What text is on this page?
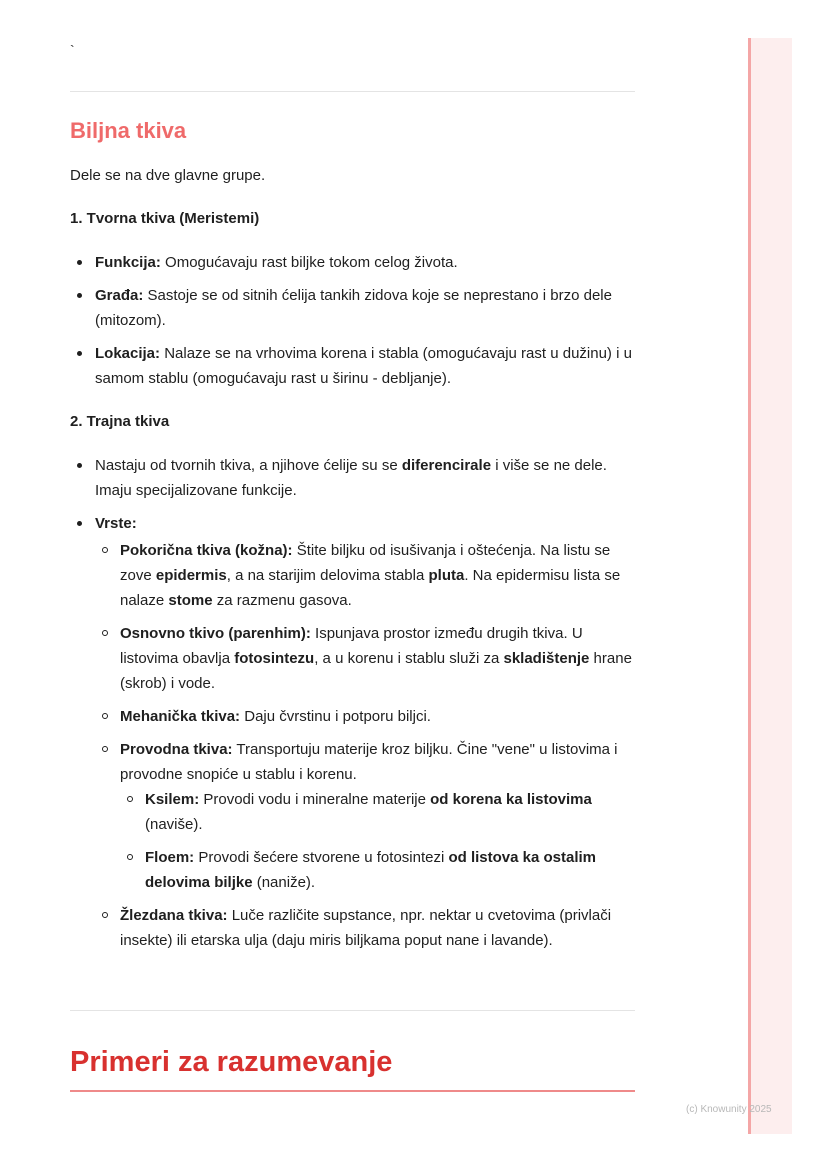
(c) Knowunity 2025
`
Biljna tkiva

Dele se na dve glavne grupe.

1. Tvorna tkiva (Meristemi)

Funkcija: Omogućavaju rast biljke tokom celog života.
Građa: Sastoje se od sitnih ćelija tankih zidova koje se neprestano i brzo dele (mitozom).
Lokacija: Nalaze se na vrhovima korena i stabla (omogućavaju rast u dužinu) i u samom stablu (omogućavaju rast u širinu - debljanje).

2. Trajna tkiva

Nastaju od tvornih tkiva, a njihove ćelije su se diferencirale i više se ne dele. Imaju specijalizovane funkcije.
Vrste:
Pokorična tkiva (kožna): Štite biljku od isušivanja i oštećenja. Na listu se zove epidermis, a na starijim delovima stabla pluta. Na epidermisu lista se nalaze stome za razmenu gasova.
Osnovno tkivo (parenhim): Ispunjava prostor između drugih tkiva. U listovima obavlja fotosintezu, a u korenu i stablu služi za skladištenje hrane (skrob) i vode.
Mehanička tkiva: Daju čvrstinu i potporu biljci.
Provodna tkiva: Transportuju materije kroz biljku. Čine "vene" u listovima i provodne snopiće u stablu i korenu.
Ksilem: Provodi vodu i mineralne materije od korena ka listovima (naviše).
Floem: Provodi šećere stvorene u fotosintezi od listova ka ostalim delovima biljke (naniže).
Žlezdana tkiva: Luče različite supstance, npr. nektar u cvetovima (privlači insekte) ili etarska ulja (daju miris biljkama poput nane i lavande).
Primeri za razumevanje
